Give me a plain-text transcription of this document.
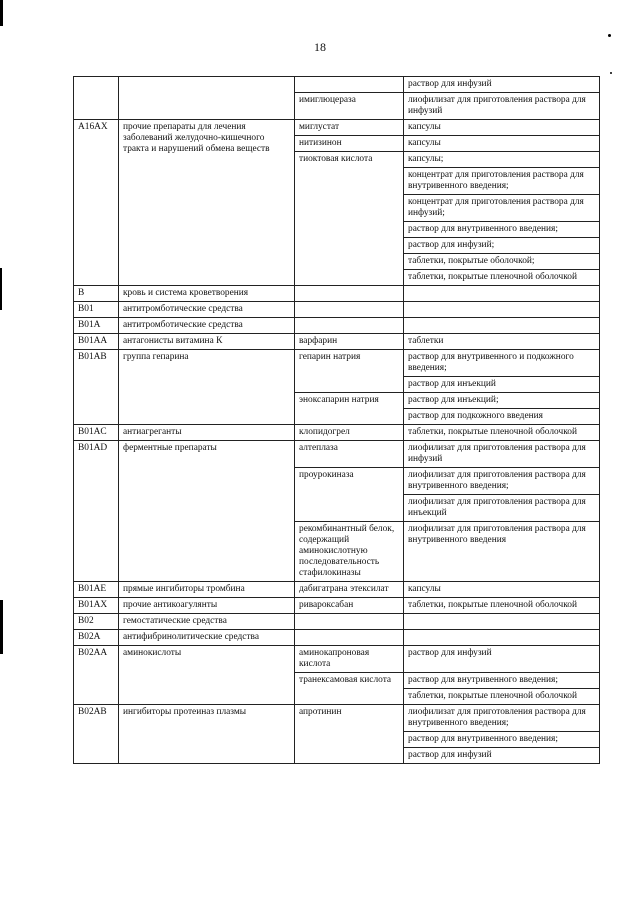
18
			раствор для инфузий
		имиглюцераза	лиофилизат для приготовления раствора для инфузий
A16AX	прочие препараты для лечения заболеваний желудочно-кишечного тракта и нарушений обмена веществ	миглустат	капсулы
		нитизинон	капсулы
		тиоктовая кислота	капсулы;
			концентрат для приготовления раствора для внутривенного введения;
			концентрат для приготовления раствора для инфузий;
			раствор для внутривенного введения;
			раствор для инфузий;
			таблетки, покрытые оболочкой;
			таблетки, покрытые пленочной оболочкой
B	кровь и система кроветворения		
B01	антитромботические средства		
B01A	антитромботические средства		
B01AA	антагонисты витамина К	варфарин	таблетки
B01AB	группа гепарина	гепарин натрия	раствор для внутривенного и подкожного введения;
			раствор для инъекций
		эноксапарин натрия	раствор для инъекций;
			раствор для подкожного введения
B01AC	антиагреганты	клопидогрел	таблетки, покрытые пленочной оболочкой
B01AD	ферментные препараты	алтеплаза	лиофилизат для приготовления раствора для инфузий
		проурокиназа	лиофилизат для приготовления раствора для внутривенного введения;
			лиофилизат для приготовления раствора для инъекций
		рекомбинантный белок, содержащий аминокислотную последовательность стафилокиназы	лиофилизат для приготовления раствора для внутривенного введения
B01AE	прямые ингибиторы тромбина	дабигатрана этексилат	капсулы
B01AX	прочие антикоагулянты	ривароксабан	таблетки, покрытые пленочной оболочкой
B02	гемостатические средства		
B02A	антифибринолитические средства		
B02AA	аминокислоты	аминокапроновая кислота	раствор для инфузий
		транексамовая кислота	раствор для внутривенного введения;
			таблетки, покрытые пленочной оболочкой
B02AB	ингибиторы протеиназ плазмы	апротинин	лиофилизат для приготовления раствора для внутривенного введения;
			раствор для внутривенного введения;
			раствор для инфузий
